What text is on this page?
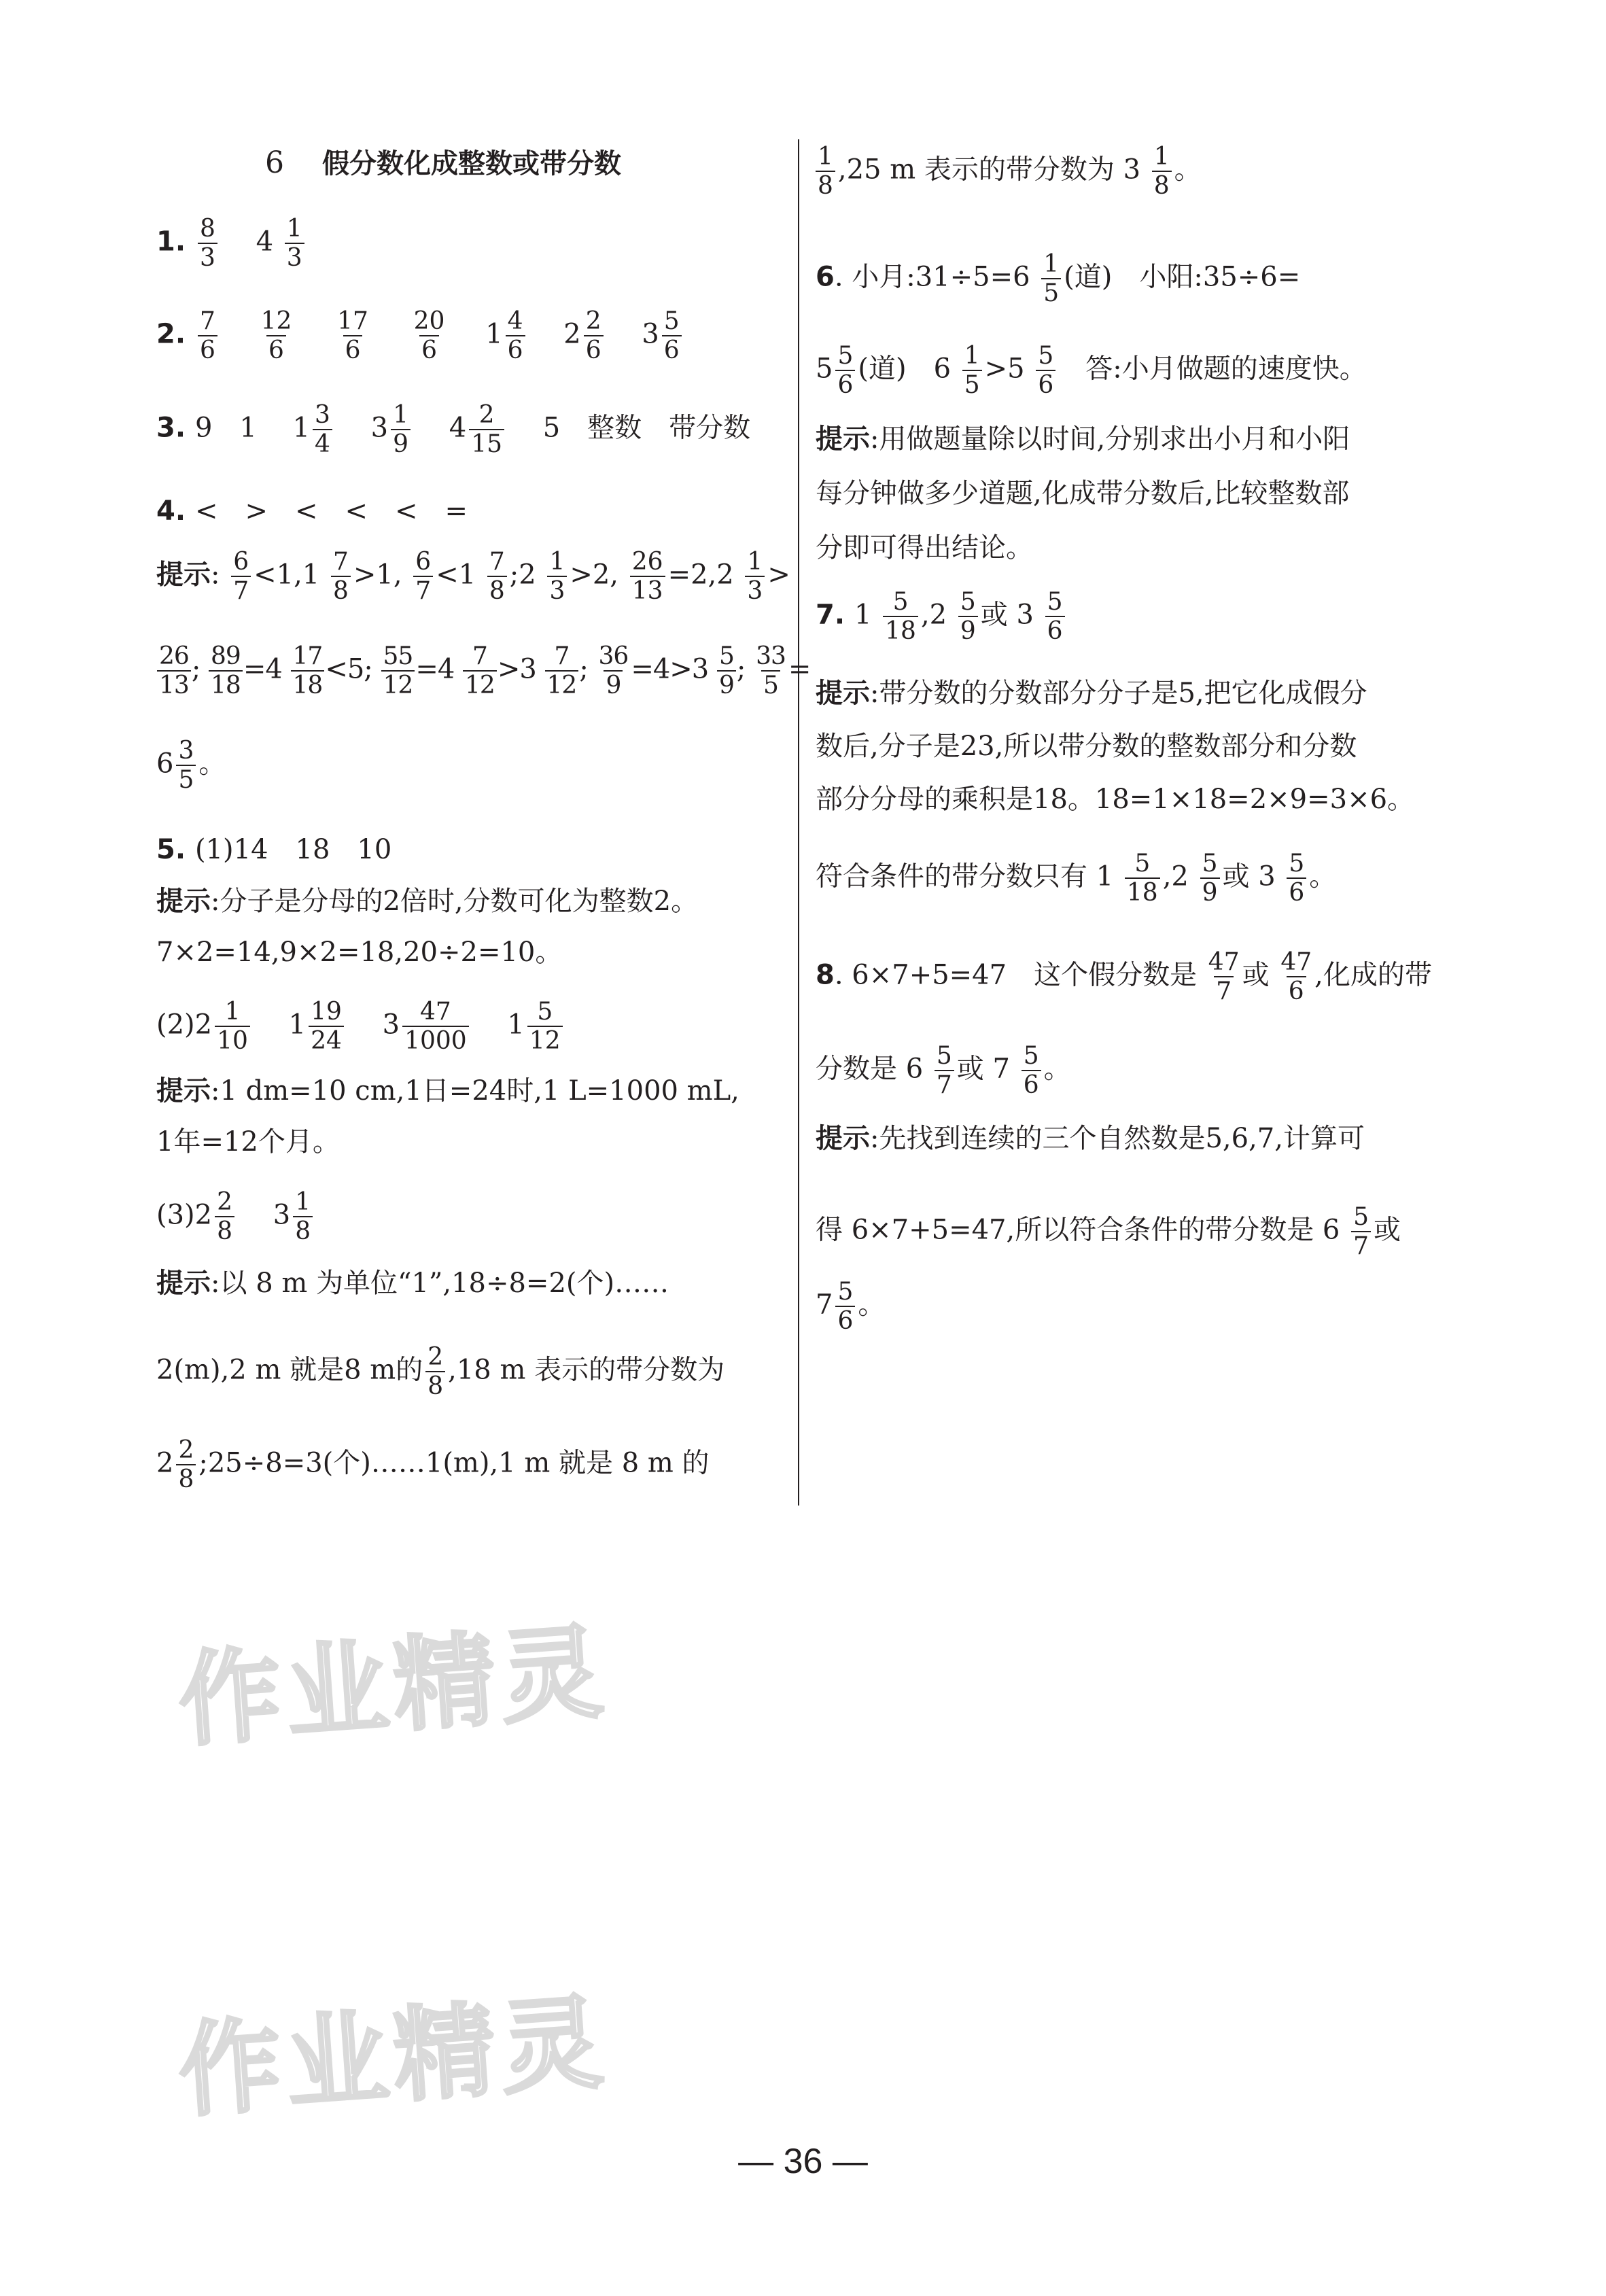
6 假分数化成整数或带分数
1. $\frac{8}{3} 4 \frac{1}{3}$
2. $\frac{7}{6}$
$\frac{12}{6}$
$\frac{17}{6}$
$\frac{20}{6} 1 \frac{4}{6} 2 \frac{2}{6} 3 \frac{5}{6}$
3. 9　1 $1 \frac{3}{4} 3 \frac{1}{9} 4 \frac{2}{15} 5$　整数　带分数
4. <　>　<　<　<　=
提示: $\frac{6}{7} <1,1 \frac{7}{8} >1$, $\frac{6}{7} <1 \frac{7}{8}$ ;2 $\frac{1}{3} >2$, $\frac{26}{13} =2,2 \frac{1}{3}$ >
$\frac{26}{13}$ ; $\frac{89}{18} =4 \frac{17}{18} <5$; $\frac{55}{12} =4 \frac{7}{12} >3 \frac{7}{12}$ ; $\frac{36}{9} =4>3 \frac{5}{9}$ ; $\frac{33}{5}$ =
$6 \frac{3}{5}$ 。
5. (1)14　18　10
提示:分子是分母的2倍时,分数可化为整数2。
7×2=14,9×2=18,20÷2=10。
$(2)2 \frac{1}{10} 1 \frac{19}{24} 3 \frac{47}{1000} 1 \frac{5}{12}$
提示:1 dm=10 cm,1日=24时,1 L=1000 mL,
1年=12个月。
$(3)2 \frac{2}{8} 3 \frac{1}{8}$
提示:以 8 m 为单位“1”,18÷8=2(个)……
2(m),2 m 就是8 m的 $\frac{2}{8} ,18$ m 表示的带分数为
$2 \frac{2}{8}$ ;25÷8=3(个)……1(m),1 m 就是 8 m 的
$\frac{1}{8} ,25$ m 表示的带分数为 $3 \frac{1}{8}$ 。
6. 小月:31÷5=6 $\frac{1}{5}$ (道)　小阳:35÷6=
$5 \frac{5}{6}$ (道)　$6 \frac{1}{5} >5 \frac{5}{6}$ 答:小月做题的速度快。
提示:用做题量除以时间,分别求出小月和小阳
每分钟做多少道题,化成带分数后,比较整数部
分即可得出结论。
7. $1 \frac{5}{18} ,2 \frac{5}{9}$ 或 $3 \frac{5}{6}$
提示:带分数的分数部分分子是5,把它化成假分
数后,分子是23,所以带分数的整数部分和分数
部分分母的乘积是18。18=1×18=2×9=3×6。
符合条件的带分数只有 $1 \frac{5}{18} ,2 \frac{5}{9}$ 或 $3 \frac{5}{6}$ 。
8. 6×7+5=47　这个假分数是 $\frac{47}{7}$ 或 $\frac{47}{6}$ ,化成的带
分数是 $6 \frac{5}{7}$ 或 $7 \frac{5}{6}$ 。
提示:先找到连续的三个自然数是5,6,7,计算可
得 6×7+5=47,所以符合条件的带分数是 $6 \frac{5}{7}$ 或
$7 \frac{5}{6}$ 。
作业精灵
作业精灵
— 36 —
